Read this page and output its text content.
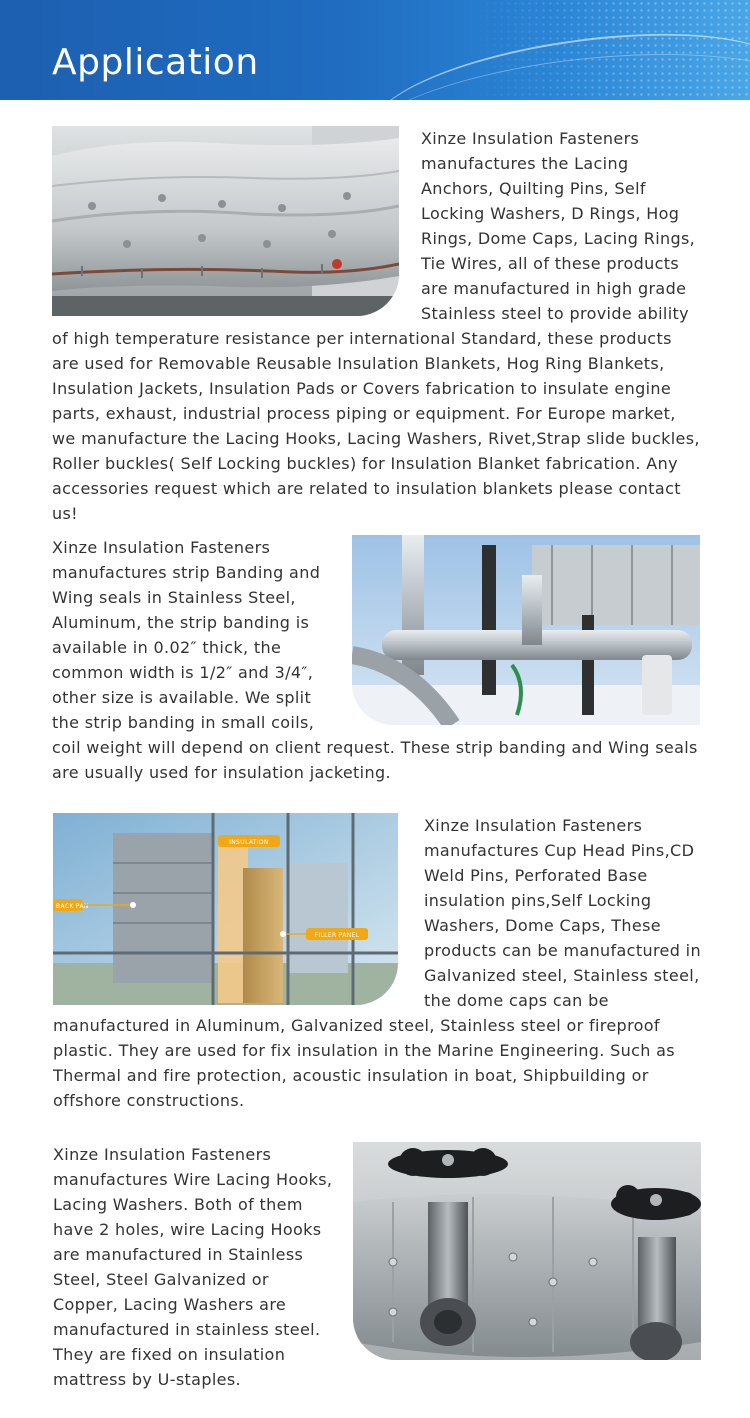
Application

Xinze Insulation Fasteners manufactures the Lacing Anchors, Quilting Pins, Self Locking Washers, D Rings, Hog Rings, Dome Caps, Lacing Rings, Tie Wires, all of these products are manufactured in high grade Stainless steel to provide ability of high temperature resistance per international Standard, these products are used for Removable Reusable Insulation Blankets, Hog Ring Blankets, Insulation Jackets, Insulation Pads or Covers fabrication to insulate engine parts, exhaust, industrial process piping or equipment. For Europe market, we manufacture the Lacing Hooks, Lacing Washers, Rivet,Strap slide buckles, Roller buckles( Self Locking buckles) for Insulation Blanket fabrication. Any accessories request which are related to insulation blankets please contact us!

Xinze Insulation Fasteners manufactures strip Banding and Wing seals in Stainless Steel, Aluminum, the strip banding is available in 0.02″ thick, the common width is 1/2″ and 3/4″, other size is available. We split the strip banding in small coils, coil weight will depend on client request. These strip banding and Wing seals are usually used for insulation jacketing.

INSULATION
BACK PAN
FILLER PANEL

Xinze Insulation Fasteners manufactures Cup Head Pins,CD Weld Pins, Perforated Base insulation pins,Self Locking Washers, Dome Caps, These products can be manufactured in Galvanized steel, Stainless steel, the dome caps can be manufactured in Aluminum, Galvanized steel, Stainless steel or fireproof plastic. They are used for fix insulation in the Marine Engineering. Such as Thermal and fire protection, acoustic insulation in boat, Shipbuilding or offshore constructions.

Xinze Insulation Fasteners manufactures Wire Lacing Hooks, Lacing Washers. Both of them have 2 holes, wire Lacing Hooks are manufactured in Stainless Steel, Steel Galvanized or Copper, Lacing Washers are manufactured in stainless steel. They are fixed on insulation mattress by U-staples.
